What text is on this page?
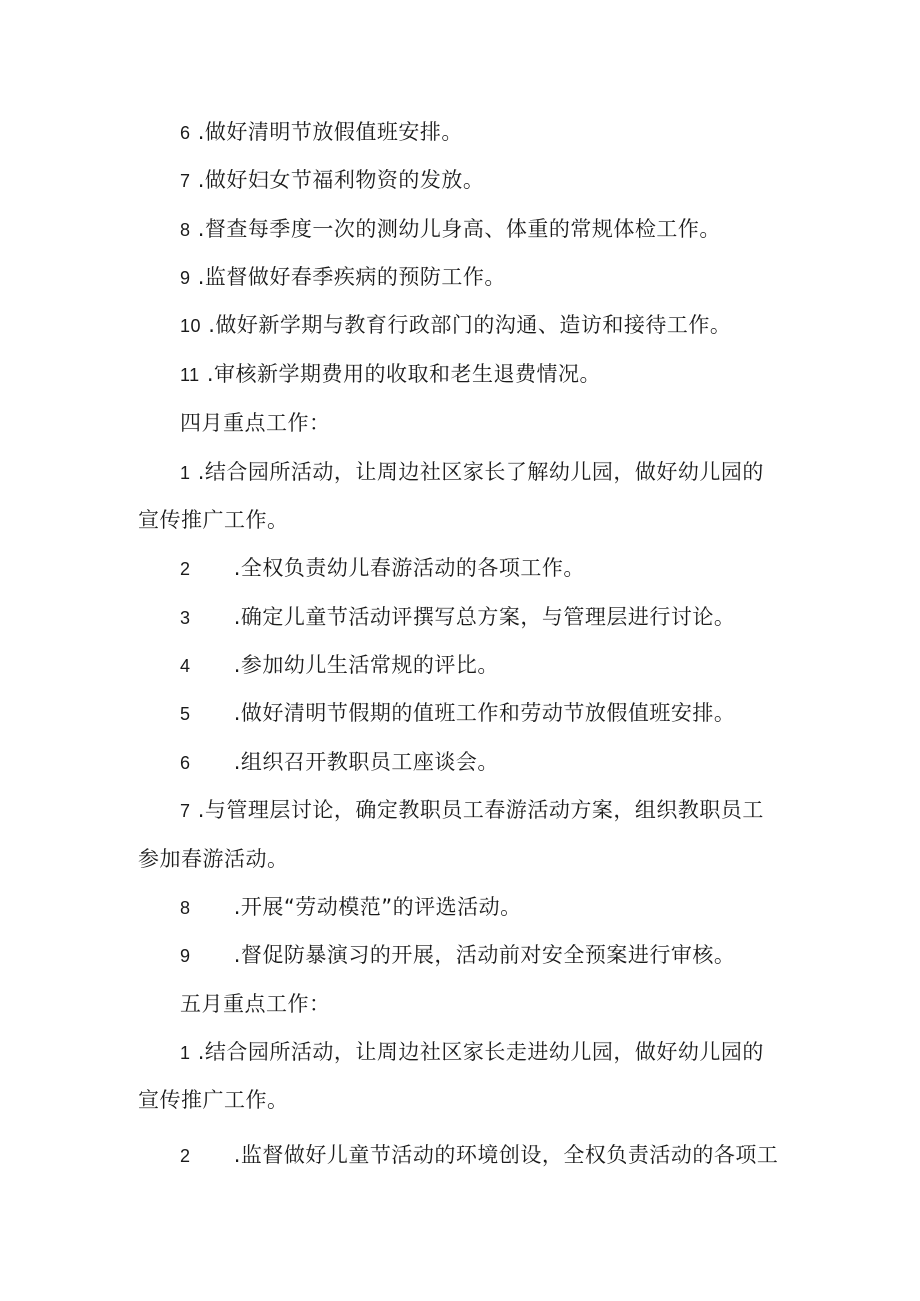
6 .做好清明节放假值班安排。
7 .做好妇女节福利物资的发放。
8 .督查每季度一次的测幼儿身高、体重的常规体检工作。
9 .监督做好春季疾病的预防工作。
10 .做好新学期与教育行政部门的沟通、造访和接待工作。
11 .审核新学期费用的收取和老生退费情况。
四月重点工作：
1 .结合园所活动，让周边社区家长了解幼儿园，做好幼儿园的
宣传推广工作。
2 .全权负责幼儿春游活动的各项工作。
3 .确定儿童节活动评撰写总方案，与管理层进行讨论。
4 .参加幼儿生活常规的评比。
5 .做好清明节假期的值班工作和劳动节放假值班安排。
6 .组织召开教职员工座谈会。
7 .与管理层讨论，确定教职员工春游活动方案，组织教职员工
参加春游活动。
8 .开展“劳动模范”的评选活动。
9 .督促防暴演习的开展，活动前对安全预案进行审核。
五月重点工作：
1 .结合园所活动，让周边社区家长走进幼儿园，做好幼儿园的
宣传推广工作。
2 .监督做好儿童节活动的环境创设，全权负责活动的各项工
